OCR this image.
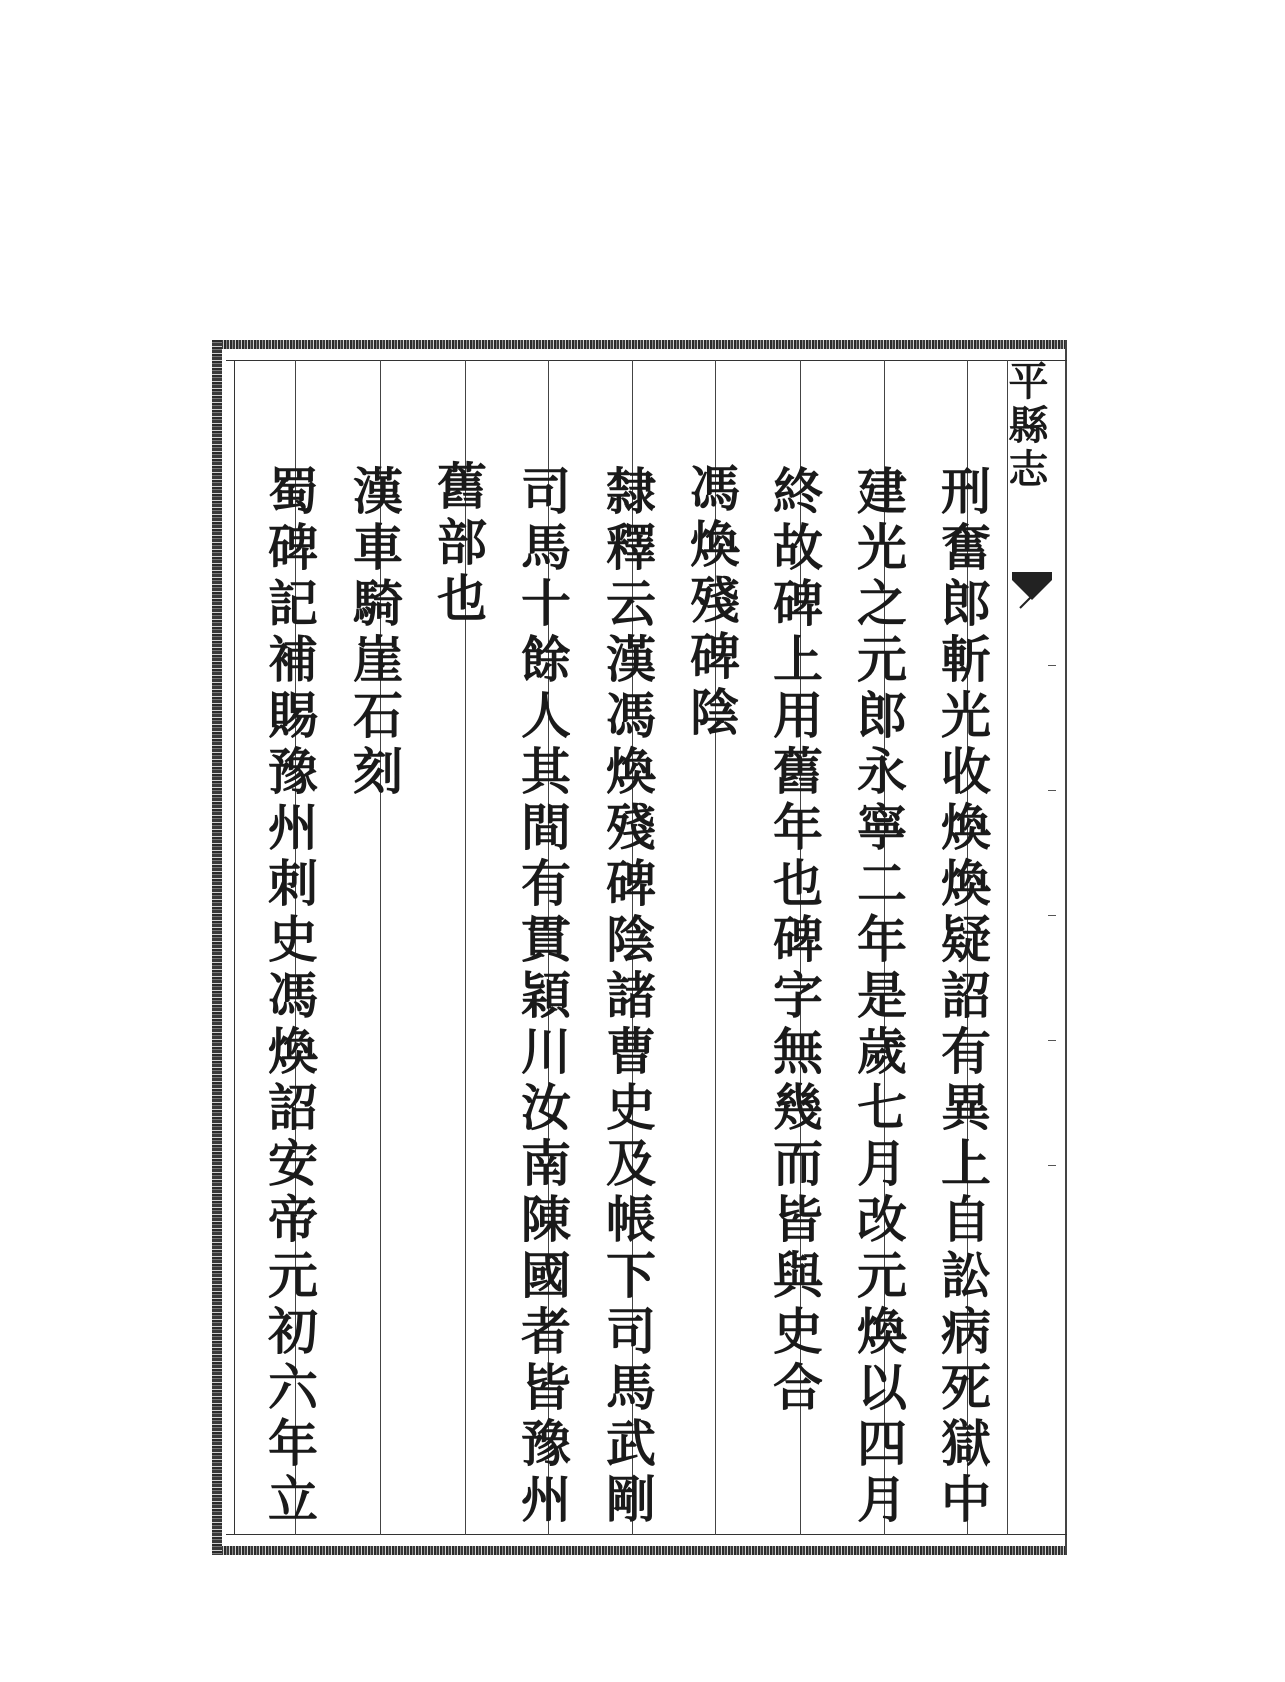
平縣志
刑奮郎斬光收煥煥疑詔有異上自訟病死獄中
建光之元郎永寧二年是歲七月改元煥以四月
終故碑上用舊年也碑字無幾而皆與史合
馮煥殘碑陰
隸釋云漢馮煥殘碑陰諸曹史及帳下司馬武剛
司馬十餘人其間有貫穎川汝南陳國者皆豫州
舊部也
漢車騎崖石刻
蜀碑記補賜豫州刺史馮煥詔安帝元初六年立
